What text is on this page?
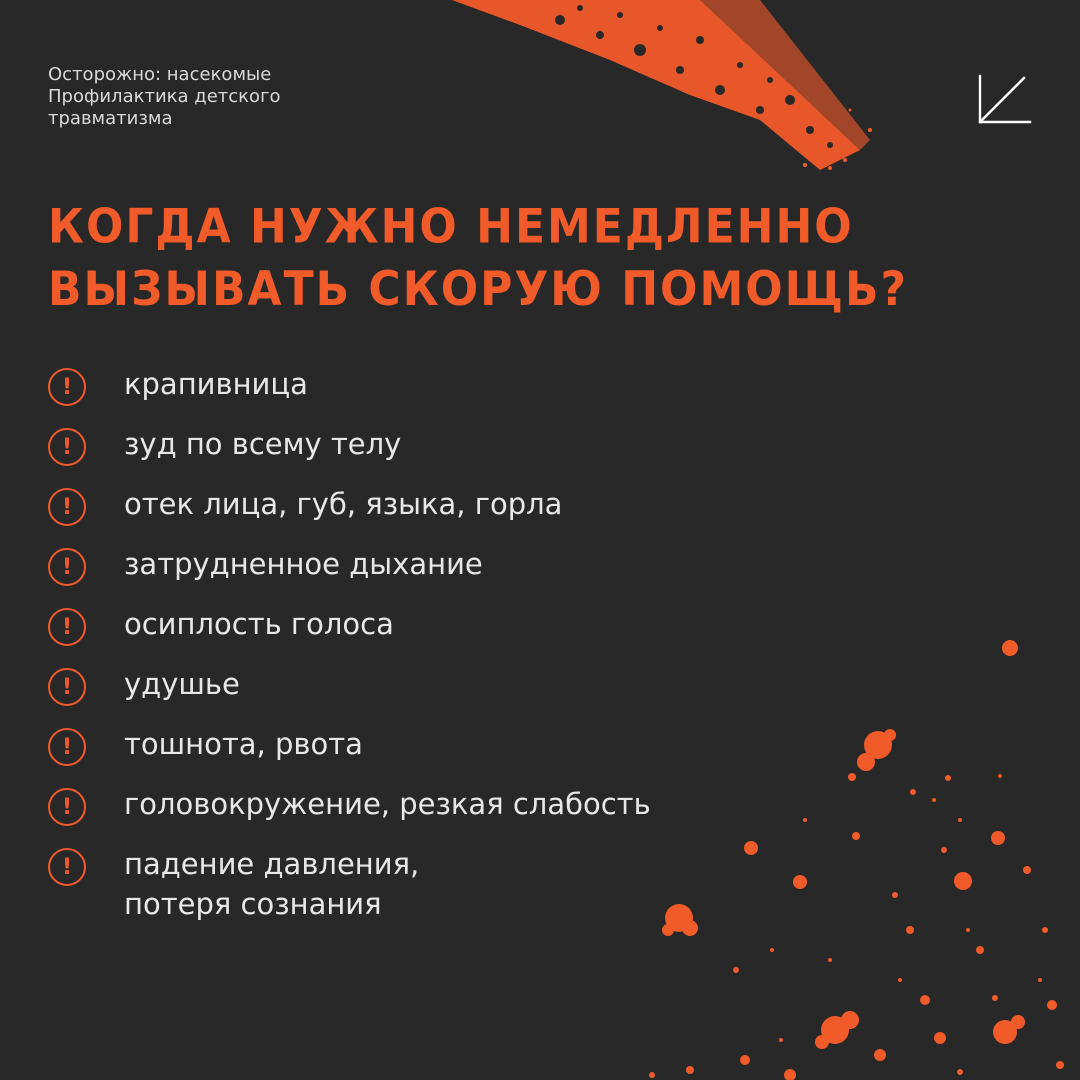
Осторожно: насекомые
Профилактика детского
травматизма
КОГДА НУЖНО НЕМЕДЛЕННО
ВЫЗЫВАТЬ СКОРУЮ ПОМОЩЬ?
!	крапивница
!	зуд по всему телу
!	отек лица, губ, языка, горла
!	затрудненное дыхание
!	осиплость голоса
!	удушье
!	тошнота, рвота
!	головокружение, резкая слабость
!	падение давления,
потеря сознания
